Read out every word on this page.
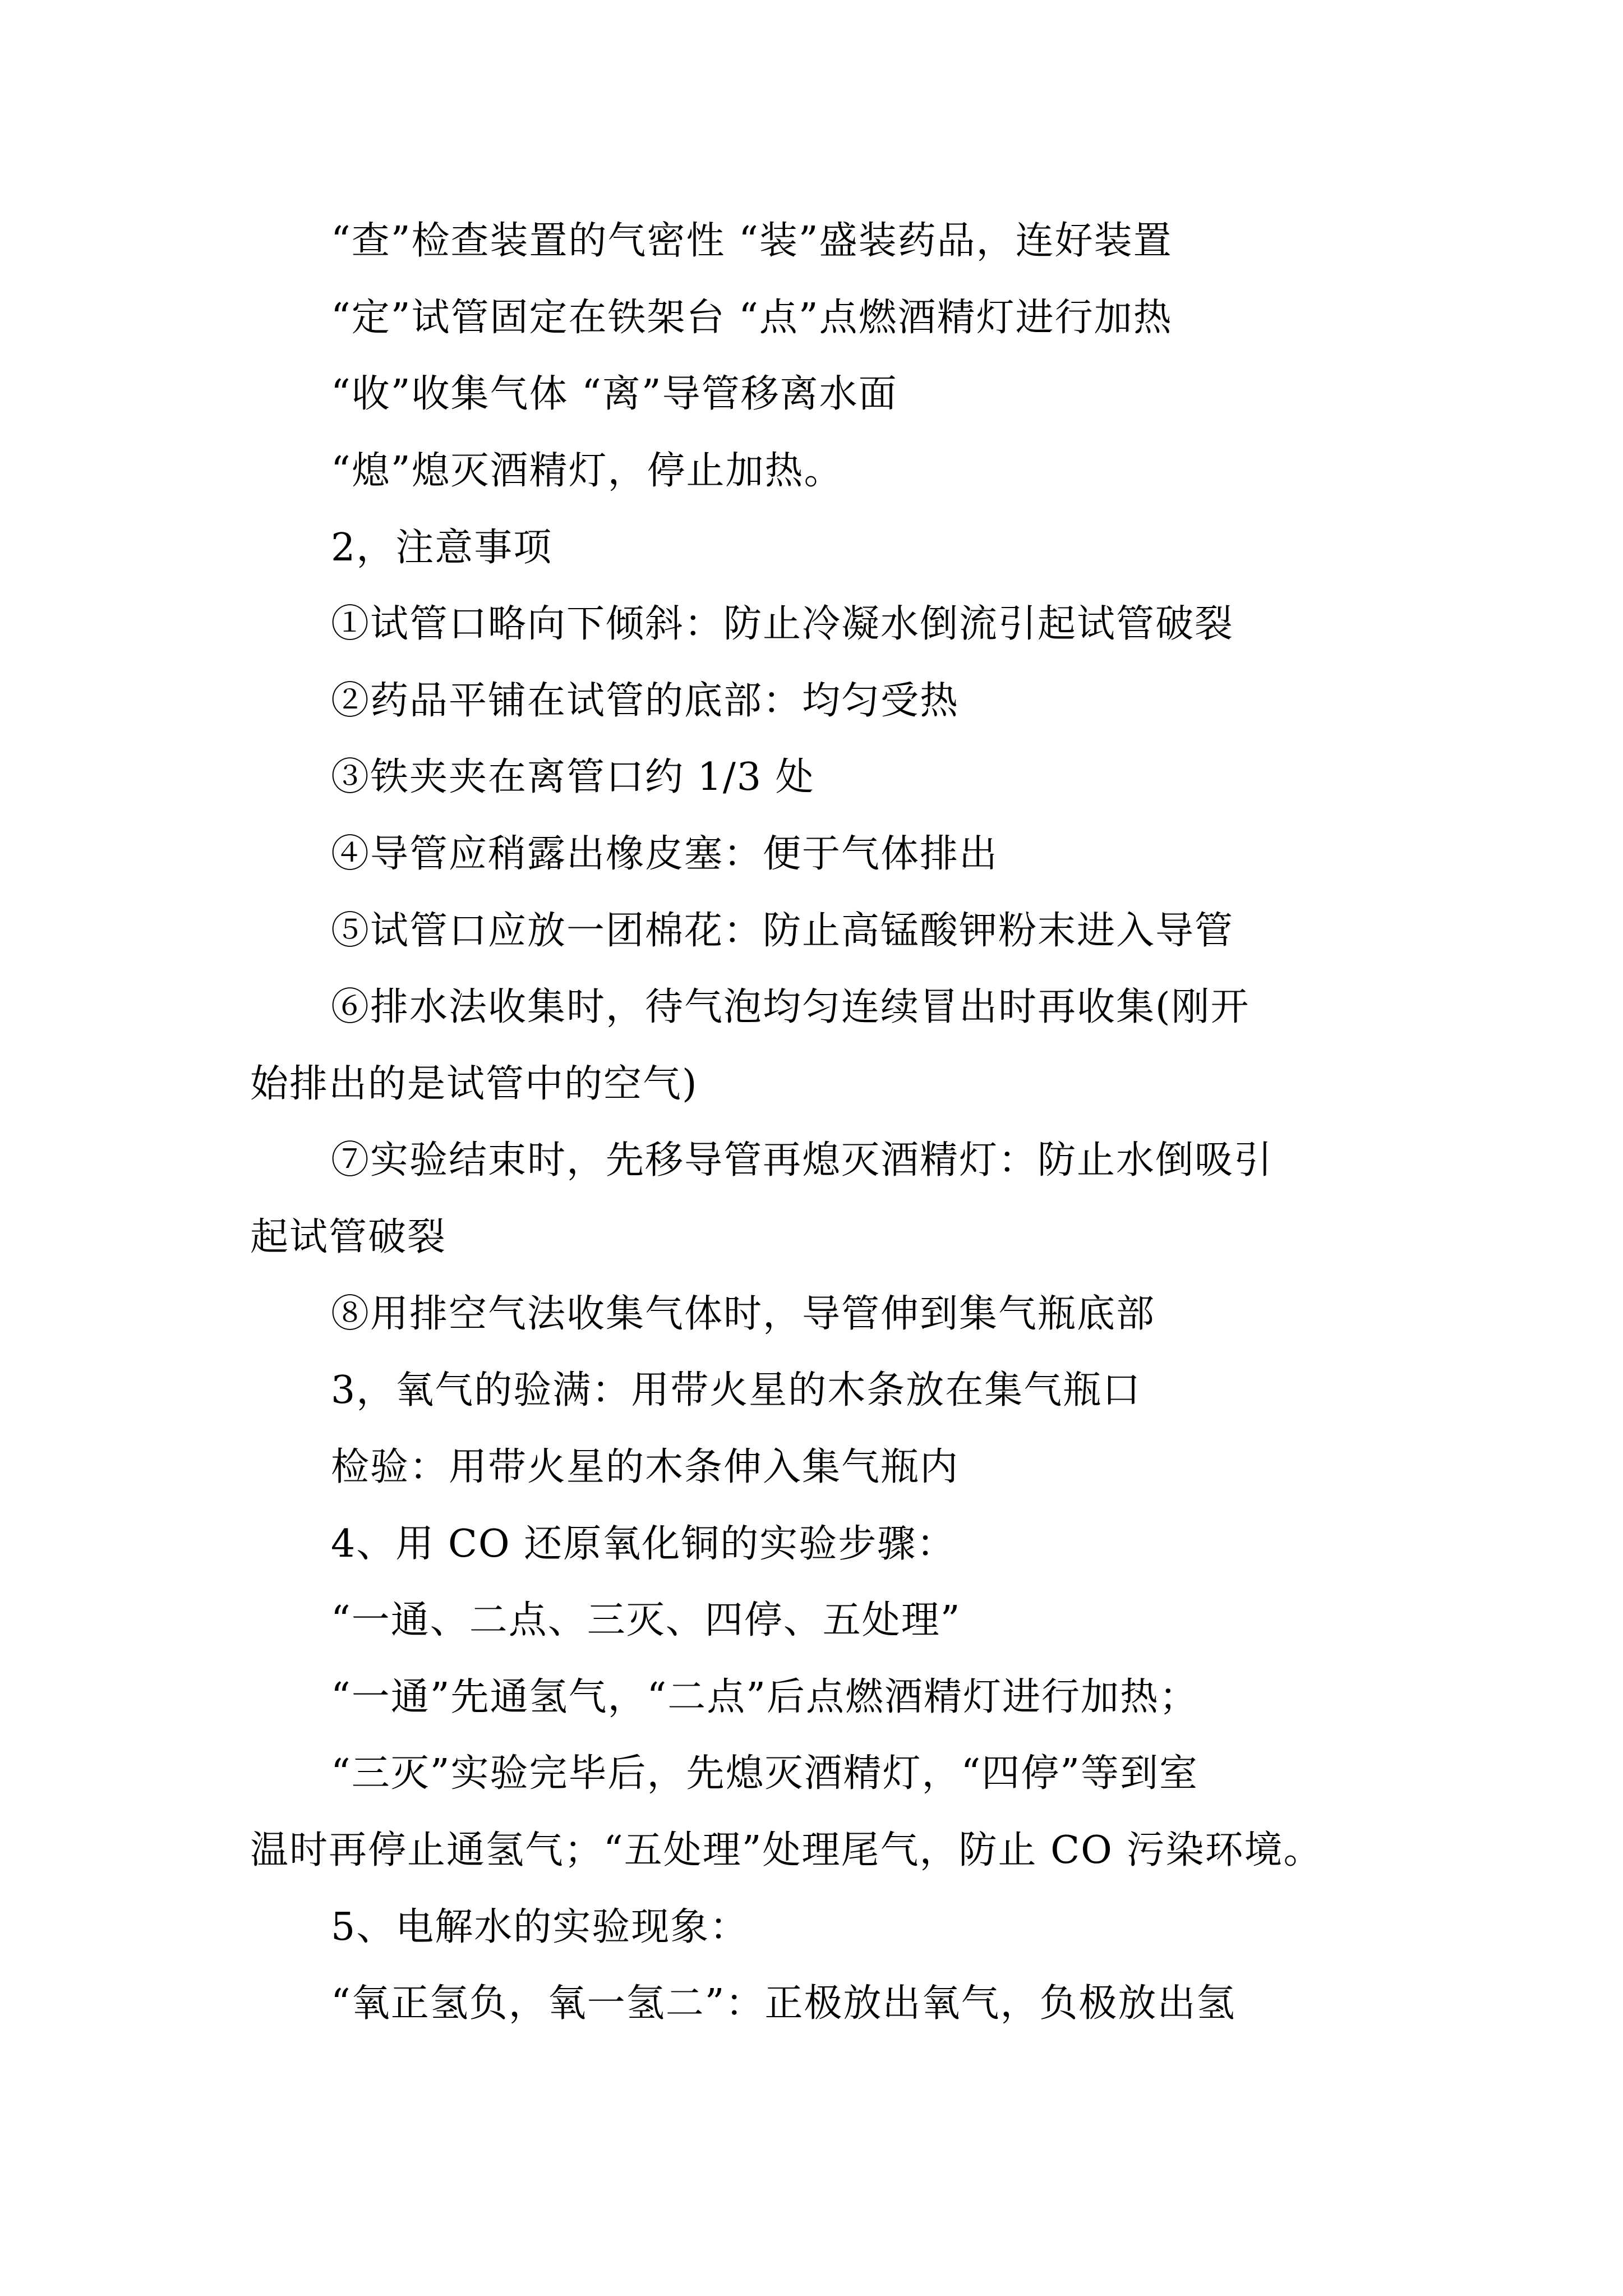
“查”检查装置的气密性 “装”盛装药品，连好装置
“定”试管固定在铁架台 “点”点燃酒精灯进行加热
“收”收集气体 “离”导管移离水面
“熄”熄灭酒精灯，停止加热。
2，注意事项
①试管口略向下倾斜：防止冷凝水倒流引起试管破裂
②药品平铺在试管的底部：均匀受热
③铁夹夹在离管口约 1/3 处
④导管应稍露出橡皮塞：便于气体排出
⑤试管口应放一团棉花：防止高锰酸钾粉末进入导管
⑥排水法收集时，待气泡均匀连续冒出时再收集(刚开
始排出的是试管中的空气)
⑦实验结束时，先移导管再熄灭酒精灯：防止水倒吸引
起试管破裂
⑧用排空气法收集气体时，导管伸到集气瓶底部
3，氧气的验满：用带火星的木条放在集气瓶口
检验：用带火星的木条伸入集气瓶内
4、用 CO 还原氧化铜的实验步骤：
“一通、二点、三灭、四停、五处理”
“一通”先通氢气，“二点”后点燃酒精灯进行加热；
“三灭”实验完毕后，先熄灭酒精灯，“四停”等到室
温时再停止通氢气；“五处理”处理尾气，防止 CO 污染环境。
5、电解水的实验现象：
“氧正氢负，氧一氢二”：正极放出氧气，负极放出氢
